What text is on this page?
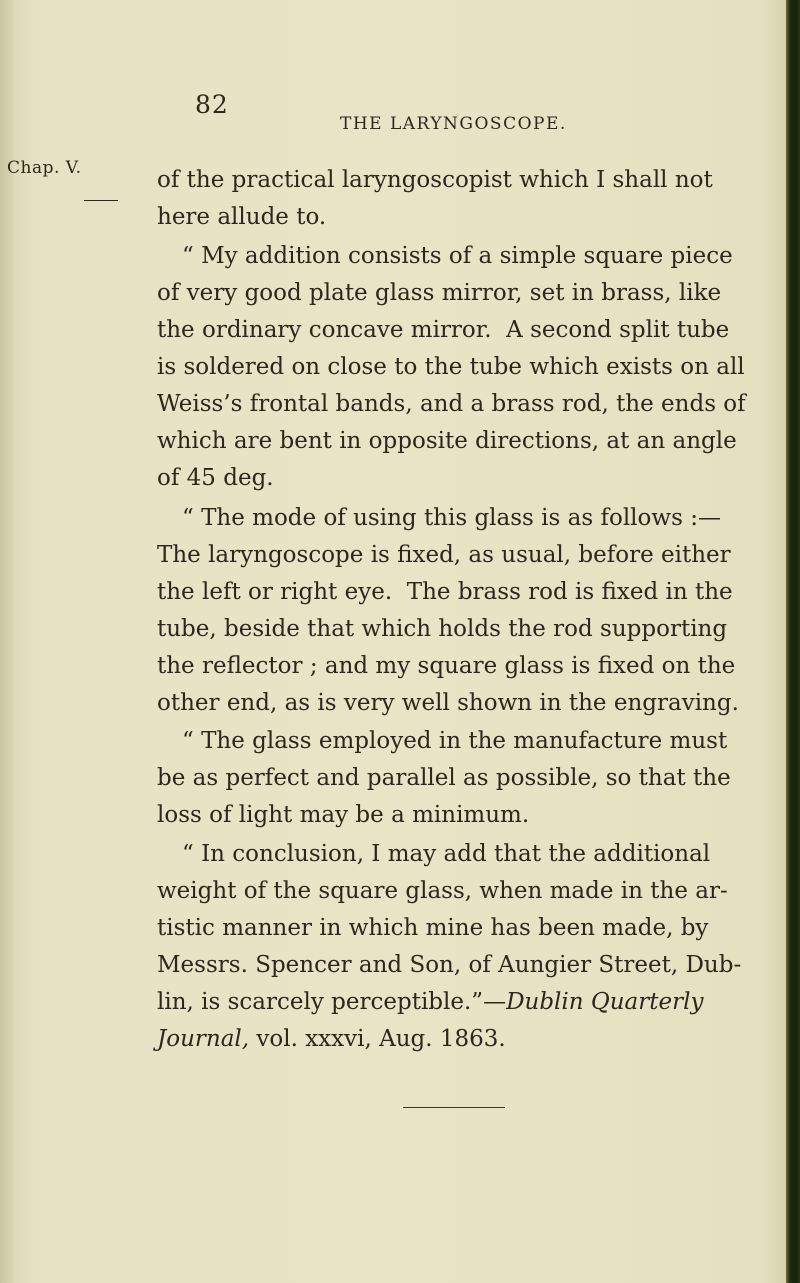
82
THE LARYNGOSCOPE.
Chap. V.	of the practical laryngoscopist which I shall not
here allude to.
“ My addition consists of a simple square piece
of very good plate glass mirror, set in brass, like
the ordinary concave mirror.  A second split tube
is soldered on close to the tube which exists on all
Weiss’s frontal bands, and a brass rod, the ends of
which are bent in opposite directions, at an angle
of 45 deg.
“ The mode of using this glass is as follows :—
The laryngoscope is fixed, as usual, before either
the left or right eye.  The brass rod is fixed in the
tube, beside that which holds the rod supporting
the reflector ; and my square glass is fixed on the
other end, as is very well shown in the engraving.
“ The glass employed in the manufacture must
be as perfect and parallel as possible, so that the
loss of light may be a minimum.
“ In conclusion, I may add that the additional
weight of the square glass, when made in the ar-
tistic manner in which mine has been made, by
Messrs. Spencer and Son, of Aungier Street, Dub-
lin, is scarcely perceptible.”—Dublin Quarterly
Journal, vol. xxxvi, Aug. 1863.
